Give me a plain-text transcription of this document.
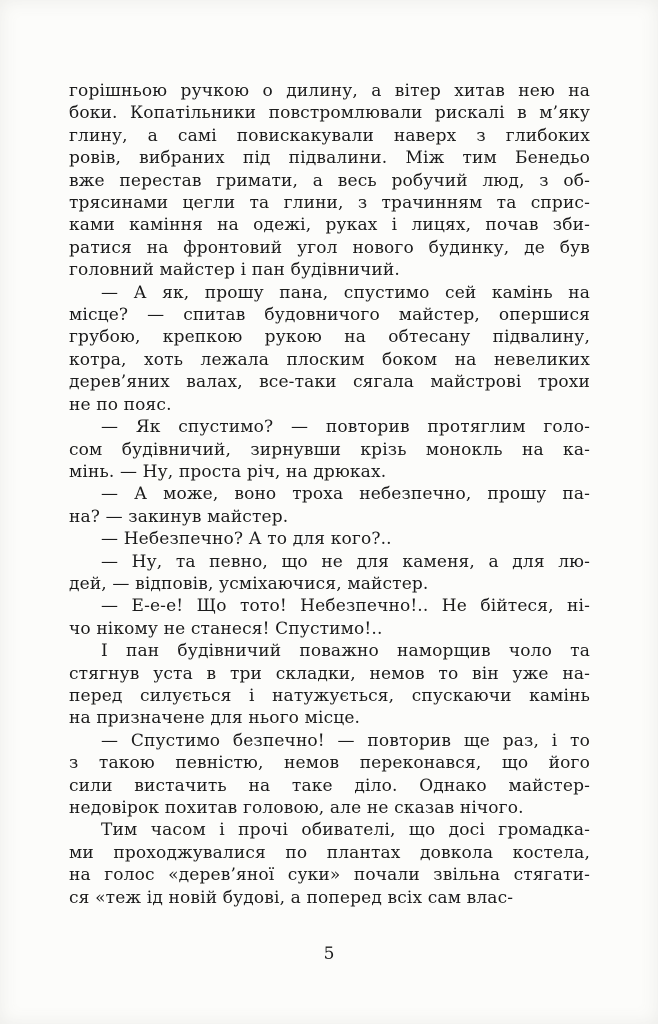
горішньою ручкою о дилину, а вітер хитав нею на
боки. Копатільники повстромлювали рискалі в м’яку
глину, а самі повискакували наверх з глибоких
ровів, вибраних під підвалини. Між тим Бенедьо
вже перестав гримати, а весь робучий люд, з об-
трясинами цегли та глини, з трачинням та сприс-
ками каміння на одежі, руках і лицях, почав зби-
ратися на фронтовий угол нового будинку, де був
головний майстер і пан будівничий.
— А як, прошу пана, спустимо сей камінь на
місце? — спитав будовничого майстер, опершися
грубою, крепкою рукою на обтесану підвалину,
котра, хоть лежала плоским боком на невеликих
дерев’яних валах, все-таки сягала майстрові трохи
не по пояс.
— Як спустимо? — повторив протяглим голо-
сом будівничий, зирнувши крізь монокль на ка-
мінь. — Ну, проста річ, на дрюках.
— А може, воно троха небезпечно, прошу па-
на? — закинув майстер.
— Небезпечно? А то для кого?..
— Ну, та певно, що не для каменя, а для лю-
дей, — відповів, усміхаючися, майстер.
— Е-е-е! Що тото! Небезпечно!.. Не бійтеся, ні-
чо нікому не станеся! Спустимо!..
І пан будівничий поважно наморщив чоло та
стягнув уста в три складки, немов то він уже на-
перед силується і натужується, спускаючи камінь
на призначене для нього місце.
— Спустимо безпечно! — повторив ще раз, і то
з такою певністю, немов переконався, що його
сили вистачить на таке діло. Однако майстер-
недовірок похитав головою, але не сказав нічого.
Тим часом і прочі обивателі, що досі громадка-
ми проходжувалися по плантах довкола костела,
на голос «дерев’яної суки» почали звільна стягати-
ся «теж ід новій будові, а поперед всіх сам влас-
5
